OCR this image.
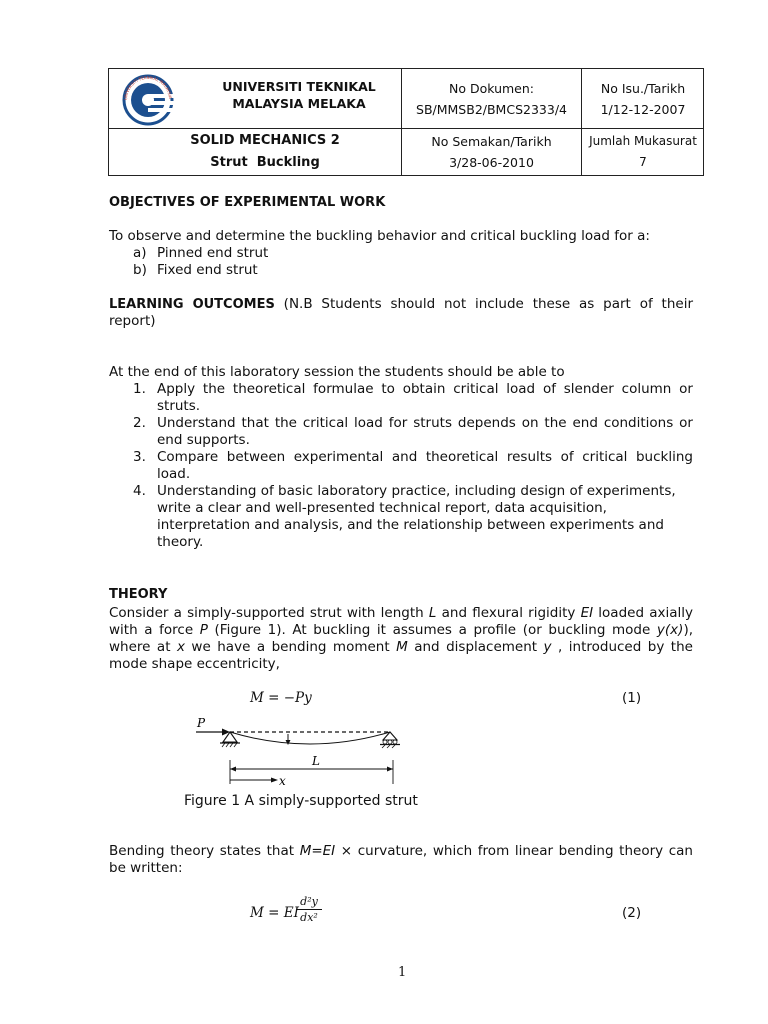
UNIVERSITI TEKNIKAL MALAYSIA
UNIVERSITI TEKNIKAL
MALAYSIA MELAKA
No Dokumen:
SB/MMSB2/BMCS2333/4
No Isu./Tarikh
1/12-12-2007
SOLID MECHANICS 2
Strut  Buckling
No Semakan/Tarikh
3/28-06-2010
Jumlah Mukasurat
7
OBJECTIVES OF EXPERIMENTAL WORK
To observe and determine the buckling behavior and critical buckling load for a:
a) Pinned end strut
b) Fixed end strut
LEARNING OUTCOMES (N.B Students should not include these as part of their
report)
At the end of this laboratory session the students should be able to
1. Apply the theoretical formulae to obtain critical load of slender column or
struts.
2. Understand that the critical load for struts depends on the end conditions or
end supports.
3. Compare between experimental and theoretical results of critical buckling
load.
4. Understanding of basic laboratory practice, including design of experiments,
write a clear and well-presented technical report, data acquisition,
interpretation and analysis, and the relationship between experiments and
theory.
THEORY
Consider a simply-supported strut with length L and flexural rigidity EI loaded axially
with a force P (Figure 1). At buckling it assumes a profile (or buckling mode y(x)),
where at x we have a bending moment M and displacement y , introduced by the
mode shape eccentricity,
M = −Py	(1)
P
L
x
Figure 1 A simply-supported strut
Bending theory states that M=EI × curvature, which from linear bending theory can
be written:
M = EI
d²y
dx²	(2)
1
